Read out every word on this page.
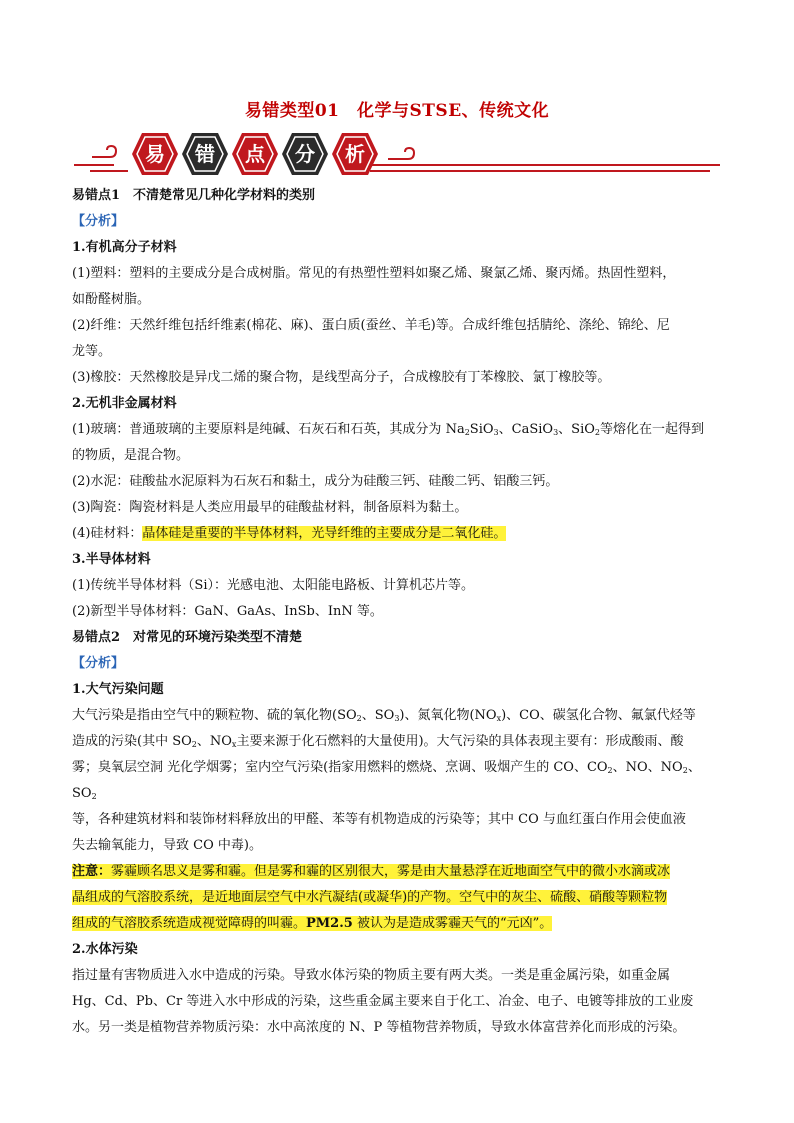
易错类型01　化学与STSE、传统文化
易 错 点 分 析

易错点1　不清楚常见几种化学材料的类别

【分析】

1.有机高分子材料

(1)塑料：塑料的主要成分是合成树脂。常见的有热塑性塑料如聚乙烯、聚氯乙烯、聚丙烯。热固性塑料，

如酚醛树脂。

(2)纤维：天然纤维包括纤维素(棉花、麻)、蛋白质(蚕丝、羊毛)等。合成纤维包括腈纶、涤纶、锦纶、尼

龙等。

(3)橡胶：天然橡胶是异戊二烯的聚合物，是线型高分子，合成橡胶有丁苯橡胶、氯丁橡胶等。

2.无机非金属材料

(1)玻璃：普通玻璃的主要原料是纯碱、石灰石和石英，其成分为 $Na_2SiO_3$、CaSiO$_3$、SiO$_2$等熔化在一起得到

的物质，是混合物。

(2)水泥：硅酸盐水泥原料为石灰石和黏土，成分为硅酸三钙、硅酸二钙、铝酸三钙。

(3)陶瓷：陶瓷材料是人类应用最早的硅酸盐材料，制备原料为黏土。

(4)硅材料：晶体硅是重要的半导体材料，光导纤维的主要成分是二氧化硅。

3.半导体材料

(1)传统半导体材料（Si）：光感电池、太阳能电路板、计算机芯片等。

(2)新型半导体材料：GaN、GaAs、InSb、InN 等。

易错点2　对常见的环境污染类型不清楚

【分析】

1.大气污染问题

大气污染是指由空气中的颗粒物、硫的氧化物($SO_2$、$SO_3$)、氮氧化物$(NO_x)$、CO、碳氢化合物、氟氯代烃等

造成的污染(其中 $SO_2$、$NO_x$主要来源于化石燃料的大量使用)。大气污染的具体表现主要有：形成酸雨、酸

雾；臭氧层空洞 光化学烟雾；室内空气污染(指家用燃料的燃烧、烹调、吸烟产生的 CO、$CO_2$、NO、$NO_2$、$SO_2$

等，各种建筑材料和装饰材料释放出的甲醛、苯等有机物造成的污染等；其中 CO 与血红蛋白作用会使血液

失去输氧能力，导致 CO 中毒)。

注意：雾霾顾名思义是雾和霾。但是雾和霾的区别很大，雾是由大量悬浮在近地面空气中的微小水滴或冰

晶组成的气溶胶系统，是近地面层空气中水汽凝结(或凝华)的产物。空气中的灰尘、硫酸、硝酸等颗粒物

组成的气溶胶系统造成视觉障碍的叫霾。PM2.5 被认为是造成雾霾天气的“元凶”。

2.水体污染

指过量有害物质进入水中造成的污染。导致水体污染的物质主要有两大类。一类是重金属污染，如重金属

Hg、Cd、Pb、Cr 等进入水中形成的污染，这些重金属主要来自于化工、冶金、电子、电镀等排放的工业废

水。另一类是植物营养物质污染：水中高浓度的 N、P 等植物营养物质，导致水体富营养化而形成的污染。
